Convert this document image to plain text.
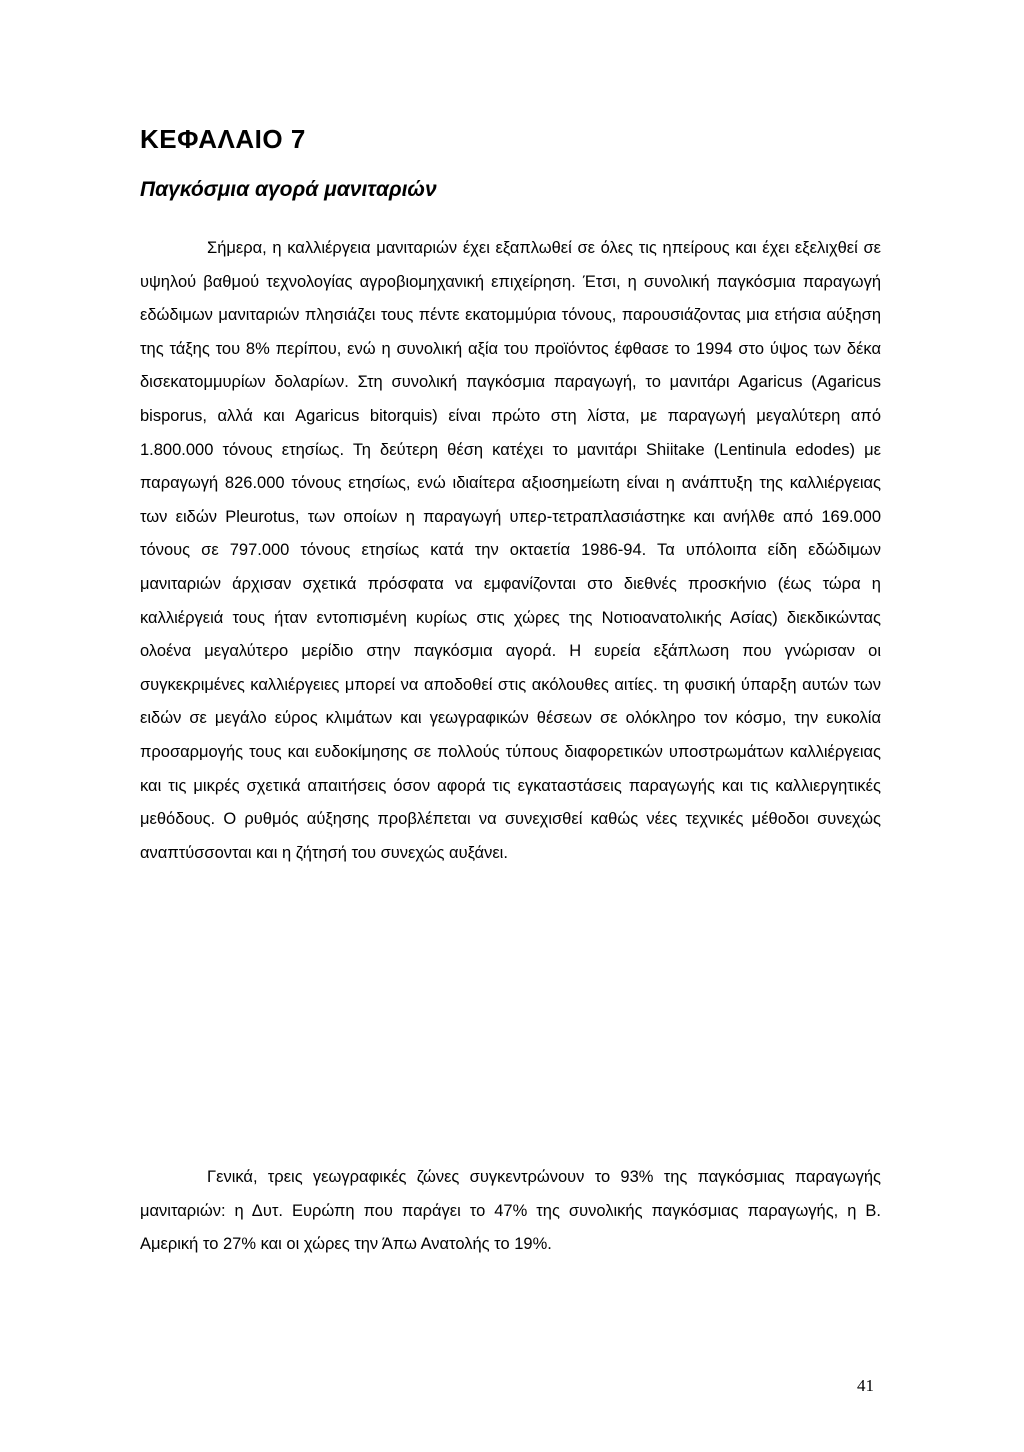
ΚΕΦΑΛΑΙΟ 7
Παγκόσμια αγορά μανιταριών

Σήμερα, η καλλιέργεια μανιταριών έχει εξαπλωθεί σε όλες τις ηπείρους και έχει εξελιχθεί σε υψηλού βαθμού τεχνολογίας αγροβιομηχανική επιχείρηση. Έτσι, η συνολική παγκόσμια παραγωγή εδώδιμων μανιταριών πλησιάζει τους πέντε εκατομμύρια τόνους, παρουσιάζοντας μια ετήσια αύξηση της τάξης του 8% περίπου, ενώ η συνολική αξία του προϊόντος έφθασε το 1994 στο ύψος των δέκα δισεκατομμυρίων δολαρίων. Στη συνολική παγκόσμια παραγωγή, το μανιτάρι Agaricus (Agaricus bisporus, αλλά και Agaricus bitorquis) είναι πρώτο στη λίστα, με παραγωγή μεγαλύτερη από 1.800.000 τόνους ετησίως. Τη δεύτερη θέση κατέχει το μανιτάρι Shiitake (Lentinula edodes) με παραγωγή 826.000 τόνους ετησίως, ενώ ιδιαίτερα αξιοσημείωτη είναι η ανάπτυξη της καλλιέργειας των ειδών Pleurotus, των οποίων η παραγωγή υπερ-τετραπλασιάστηκε και ανήλθε από 169.000 τόνους σε 797.000 τόνους ετησίως κατά την οκταετία 1986-94. Τα υπόλοιπα είδη εδώδιμων μανιταριών άρχισαν σχετικά πρόσφατα να εμφανίζονται στο διεθνές προσκήνιο (έως τώρα η καλλιέργειά τους ήταν εντοπισμένη κυρίως στις χώρες της Νοτιοανατολικής Ασίας) διεκδικώντας ολοένα μεγαλύτερο μερίδιο στην παγκόσμια αγορά. Η ευρεία εξάπλωση που γνώρισαν οι συγκεκριμένες καλλιέργειες μπορεί να αποδοθεί στις ακόλουθες αιτίες. τη φυσική ύπαρξη αυτών των ειδών σε μεγάλο εύρος κλιμάτων και γεωγραφικών θέσεων σε ολόκληρο τον κόσμο, την ευκολία προσαρμογής τους και ευδοκίμησης σε πολλούς τύπους διαφορετικών υποστρωμάτων καλλιέργειας και τις μικρές σχετικά απαιτήσεις όσον αφορά τις εγκαταστάσεις παραγωγής και τις καλλιεργητικές μεθόδους. Ο ρυθμός αύξησης προβλέπεται να συνεχισθεί καθώς νέες τεχνικές μέθοδοι συνεχώς αναπτύσσονται και η ζήτησή του συνεχώς αυξάνει.

Γενικά, τρεις γεωγραφικές ζώνες συγκεντρώνουν το 93% της παγκόσμιας παραγωγής μανιταριών: η Δυτ. Ευρώπη που παράγει το 47% της συνολικής παγκόσμιας παραγωγής, η Β. Αμερική το 27% και οι χώρες την Άπω Ανατολής το 19%.

41
